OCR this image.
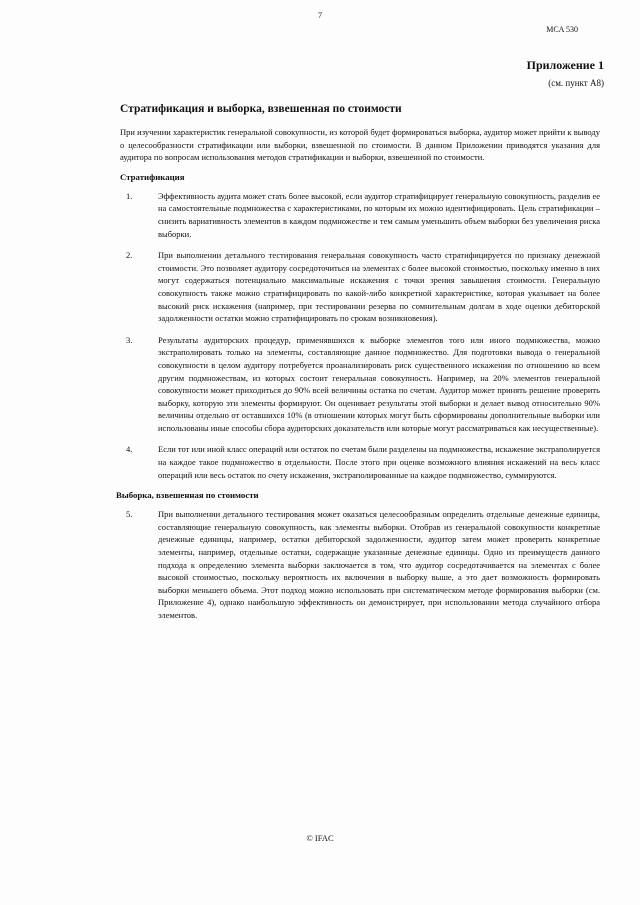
7
MCA 530
Приложение 1
(см. пункт А8)
Стратификация и выборка, взвешенная по стоимости
При изучении характеристик генеральной совокупности, из которой будет формироваться выборка, аудитор может прийти к выводу о целесообразности стратификации или выборки, взвешенной по стоимости. В данном Приложении приводятся указания для аудитора по вопросам использования методов стратификации и выборки, взвешенной по стоимости.
Стратификация
1.	Эффективность аудита может стать более высокой, если аудитор стратифицирует генеральную совокупность, разделив ее на самостоятельные подмножества с характеристиками, по которым их можно идентифицировать. Цель стратификации – снизить вариативность элементов в каждом подмножестве и тем самым уменьшить объем выборки без увеличения риска выборки.
2.	При выполнении детального тестирования генеральная совокупность часто стратифицируется по признаку денежной стоимости. Это позволяет аудитору сосредоточиться на элементах с более высокой стоимостью, поскольку именно в них могут содержаться потенциально максимальные искажения с точки зрения завышения стоимости. Генеральную совокупность также можно стратифицировать по какой-либо конкретной характеристике, которая указывает на более высокий риск искажения (например, при тестировании резерва по сомнительным долгам в ходе оценки дебиторской задолженности остатки можно стратифицировать по срокам возникновения).
3.	Результаты аудиторских процедур, применявшихся к выборке элементов того или иного подмножества, можно экстраполировать только на элементы, составляющие данное подмножество. Для подготовки вывода о генеральной совокупности в целом аудитору потребуется проанализировать риск существенного искажения по отношению ко всем другим подмножествам, из которых состоит генеральная совокупность. Например, на 20% элементов генеральной совокупности может приходиться до 90% всей величины остатка по счетам. Аудитор может принять решение проверить выборку, которую эти элементы формируют. Он оценивает результаты этой выборки и делает вывод относительно 90% величины отдельно от оставшихся 10% (в отношении которых могут быть сформированы дополнительные выборки или использованы иные способы сбора аудиторских доказательств или которые могут рассматриваться как несущественные).
4.	Если тот или иной класс операций или остаток по счетам были разделены на подмножества, искажение экстраполируется на каждое такое подмножество в отдельности. После этого при оценке возможного влияния искажений на весь класс операций или весь остаток по счету искажения, экстраполированные на каждое подмножество, суммируются.
Выборка, взвешенная по стоимости
5.	При выполнении детального тестирования может оказаться целесообразным определить отдельные денежные единицы, составляющие генеральную совокупность, как элементы выборки. Отобрав из генеральной совокупности конкретные денежные единицы, например, остатки дебиторской задолженности, аудитор затем может проверить конкретные элементы, например, отдельные остатки, содержащие указанные денежные единицы. Одно из преимуществ данного подхода к определению элемента выборки заключается в том, что аудитор сосредотачивается на элементах с более высокой стоимостью, поскольку вероятность их включения в выборку выше, а это дает возможность формировать выборки меньшего объема. Этот подход можно использовать при систематическом методе формирования выборки (см. Приложение 4), однако наибольшую эффективность он демонстрирует, при использовании метода случайного отбора элементов.
© IFAC
